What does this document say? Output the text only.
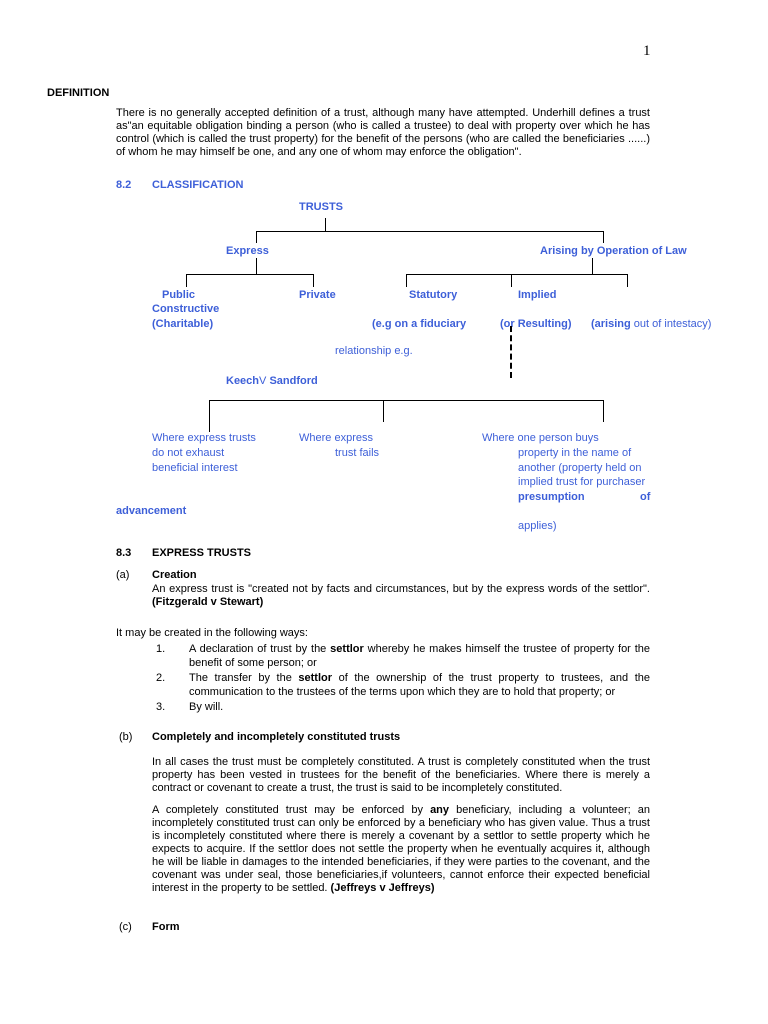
1
DEFINITION

There is no generally accepted definition of a trust, although many have attempted. Underhill defines a trust as"an equitable obligation binding a person (who is called a trustee) to deal with property over which he has control (which is called the trust property) for the benefit of the persons (who are called the beneficiaries ......) of whom he may himself be one, and any one of whom may enforce the obligation".

8.2 CLASSIFICATION
TRUSTS
Express	Arising by Operation of Law
Public	Private	Statutory	Implied
Constructive
(Charitable)	(e.g on a fiduciary	(or Resulting) (arising out of intestacy)
relationship e.g.
KeechV Sandford
Where express trusts
do not exhaust
beneficial interest
Where express
trust fails
Where one person buys
property in the name of
another (property held on
implied trust for purchaser
presumption	of
advancement
applies)
8.3 EXPRESS TRUSTS
(a) Creation

An express trust is "created not by facts and circumstances, but by the express words of the settlor". (Fitzgerald v Stewart)

It may be created in the following ways:
1. A declaration of trust by the settlor whereby he makes himself the trustee of property for the benefit of some person; or

2. The transfer by the settlor of the ownership of the trust property to trustees, and the communication to the trustees of the terms upon which they are to hold that property; or

3. By will.
(b) Completely and incompletely constituted trusts

In all cases the trust must be completely constituted. A trust is completely constituted when the trust property has been vested in trustees for the benefit of the beneficiaries. Where there is merely a contract or covenant to create a trust, the trust is said to be incompletely constituted.

A completely constituted trust may be enforced by any beneficiary, including a volunteer; an incompletely constituted trust can only be enforced by a beneficiary who has given value. Thus a trust is incompletely constituted where there is merely a covenant by a settlor to settle property which he expects to acquire. If the settlor does not settle the property when he eventually acquires it, although he will be liable in damages to the intended beneficiaries, if they were parties to the covenant, and the covenant was under seal, those beneficiaries,if volunteers, cannot enforce their expected beneficial interest in the property to be settled. (Jeffreys v Jeffreys)

(c) Form
